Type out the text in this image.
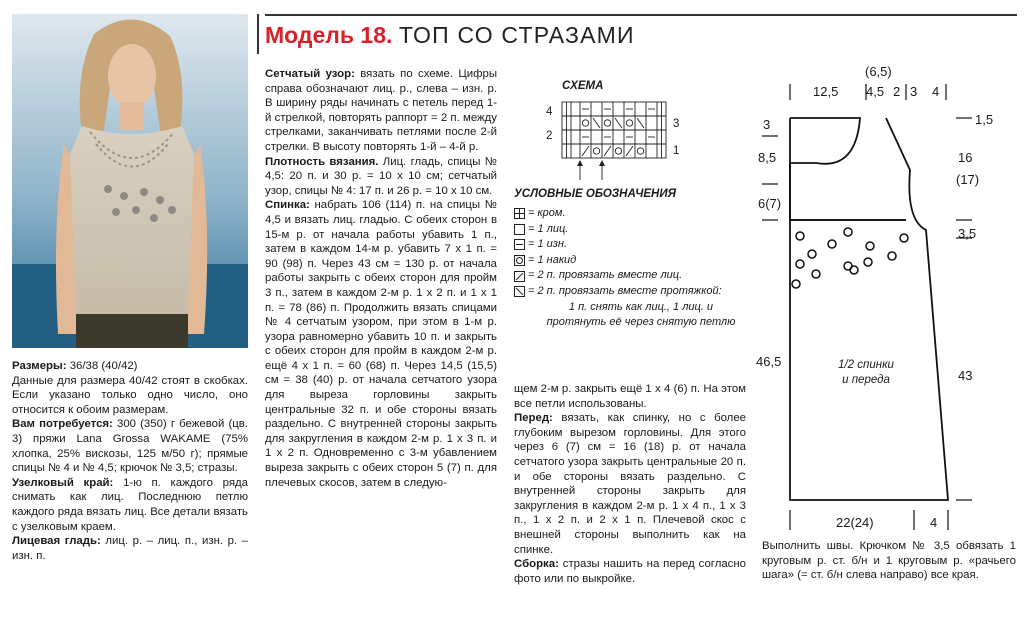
Модель 18. ТОП СО СТРАЗАМИ

Размеры: 36/38 (40/42)

Данные для размера 40/42 стоят в скобках. Если указано только одно число, оно относится к обоим размерам.

Вам потребуется: 300 (350) г бежевой (цв. 3) пряжи Lana Grossa WAKAME (75% хлопка, 25% вискозы, 125 м/50 г); прямые спицы № 4 и № 4,5; крючок № 3,5; стразы.

Узелковый край: 1-ю п. каждого ряда снимать как лиц. Последнюю петлю каждого ряда вязать лиц. Все детали вязать с узелковым краем.

Лицевая гладь: лиц. р. – лиц. п., изн. р. – изн. п.

Сетчатый узор: вязать по схеме. Цифры справа обозначают лиц. р., слева – изн. р. В ширину ряды начинать с петель перед 1-й стрелкой, повторять раппорт = 2 п. между стрелками, заканчивать петлями после 2-й стрелки. В высоту повторять 1-й – 4-й р.

Плотность вязания. Лиц. гладь, спицы № 4,5: 20 п. и 30 р. = 10 х 10 см; сетчатый узор, спицы № 4: 17 п. и 26 р. = 10 х 10 см.

Спинка: набрать 106 (114) п. на спицы № 4,5 и вязать лиц. гладью. С обеих сторон в 15-м р. от начала работы убавить 1 п., затем в каждом 14-м р. убавить 7 х 1 п. = 90 (98) п. Через 43 см = 130 р. от начала работы закрыть с обеих сторон для пройм 3 п., затем в каждом 2-м р. 1 х 2 п. и 1 х 1 п. = 78 (86) п. Продолжить вязать спицами № 4 сетчатым узором, при этом в 1-м р. узора равномерно убавить 10 п. и закрыть с обеих сторон для пройм в каждом 2-м р. ещё 4 х 1 п. = 60 (68) п. Через 14,5 (15,5) см = 38 (40) р. от начала сетчатого узора для выреза горловины закрыть центральные 32 п. и обе стороны вязать раздельно. С внутренней стороны закрыть для закругления в каждом 2-м р. 1 х 3 п. и 1 х 2 п. Одновременно с 3-м убавлением выреза закрыть с обеих сторон 5 (7) п. для плечевых скосов, затем в следую-

СХЕМА
4
2
3
1
УСЛОВНЫЕ ОБОЗНАЧЕНИЯ
= кром.
= 1 лиц.
= 1 изн.
= 1 накид
= 2 п. провязать вместе лиц.
= 2 п. провязать вместе протяжкой:
1 п. снять как лиц., 1 лиц. и протянуть её через снятую петлю

щем 2-м р. закрыть ещё 1 х 4 (6) п. На этом все петли использованы.

Перед: вязать, как спинку, но с более глубоким вырезом горловины. Для этого через 6 (7) см = 16 (18) р. от начала сетчатого узора закрыть центральные 20 п. и обе стороны вязать раздельно. С внутренней стороны закрыть для закругления в каждом 2-м р. 1 х 4 п., 1 х 3 п., 1 х 2 п. и 2 х 1 п. Плечевой скос с внешней стороны выполнить как на спинке.

Сборка: стразы нашить на перед согласно фото или по выкройке.

(6,5)
12,5 4,5 2 3 4
3
8,5
6(7)
46,5
1,5
16
(17)
3,5
43
22(24)	4
1/2 спинки
и переда
Выполнить швы. Крючком № 3,5 обвязать 1 круговым р. ст. б/н и 1 круговым р. «рачьего шага» (= ст. б/н слева направо) все края.
